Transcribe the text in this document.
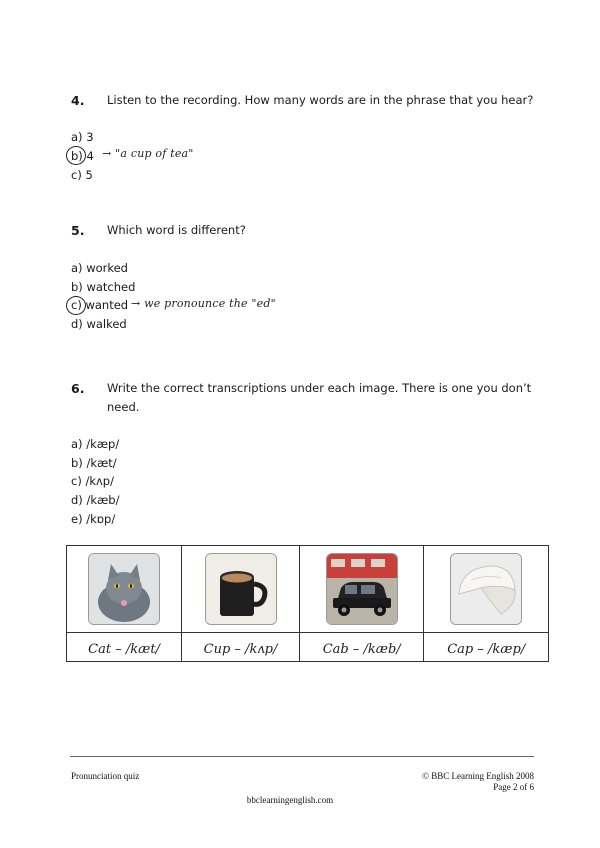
4. Listen to the recording. How many words are in the phrase that you hear?
a) 3
b) 4 → "a cup of tea"
c) 5
5. Which word is different?
a) worked
b) watched
c) wanted → we pronounce the "ed"
d) walked
6. Write the correct transcriptions under each image. There is one you don’t need.
a) /kæp/
b) /kæt/
c) /kʌp/
d) /kæb/
e) /kɒp/

Cat – /kæt/	Cup – /kʌp/	Cab – /kæb/	Cap – /kæp/
Pronunciation quiz	© BBC Learning English 2008
Page 2 of 6
bbclearningenglish.com
